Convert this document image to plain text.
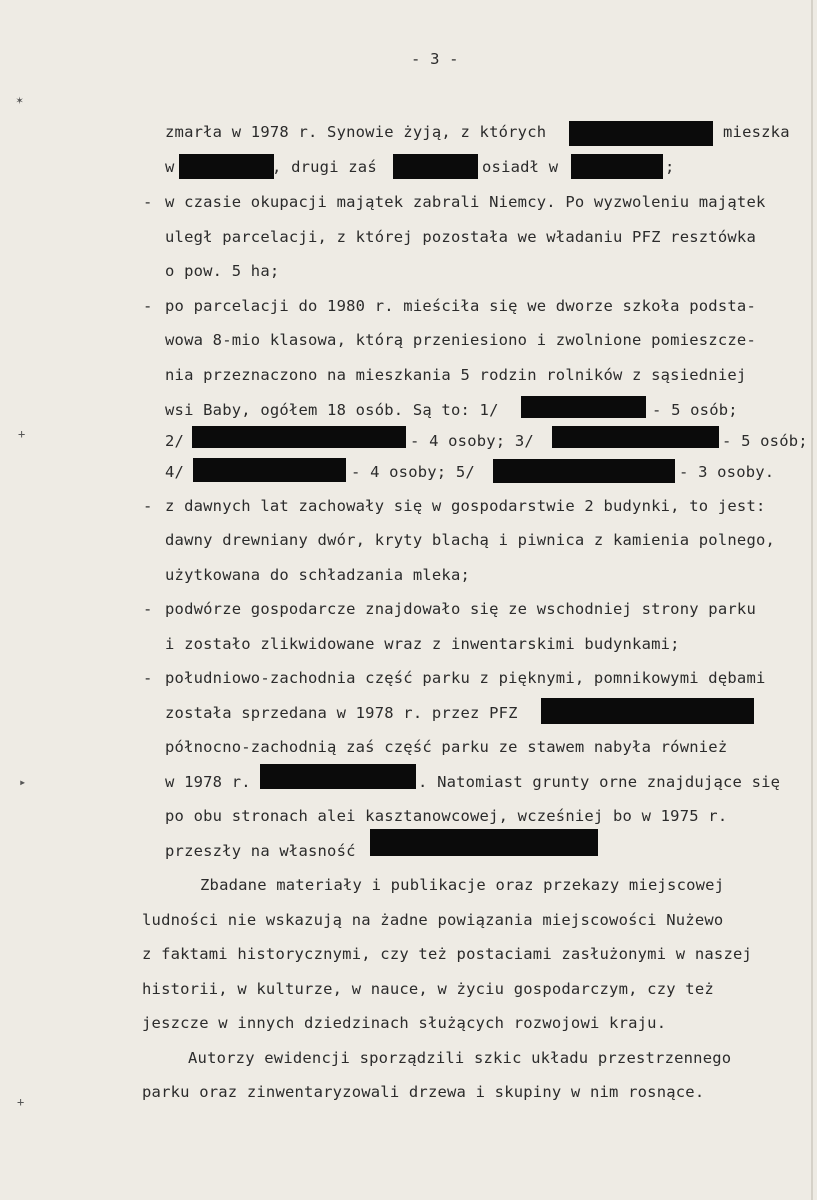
- 3 -
✶
+
▸
+
zmarła w 1978 r. Synowie żyją, z których	mieszka
w	, drugi zaś	osiadł w	;
- w czasie okupacji majątek zabrali Niemcy. Po wyzwoleniu majątek
uległ parcelacji, z której pozostała we władaniu PFZ resztówka
o pow. 5 ha;
- po parcelacji do 1980 r. mieściła się we dworze szkoła podsta-
wowa 8-mio klasowa, którą przeniesiono i zwolnione pomieszcze-
nia przeznaczono na mieszkania 5 rodzin rolników z sąsiedniej
wsi Baby, ogółem 18 osób. Są to: 1/	- 5 osób;
2/	- 4 osoby; 3/	- 5 osób;
4/	- 4 osoby; 5/	- 3 osoby.
- z dawnych lat zachowały się w gospodarstwie 2 budynki, to jest:
dawny drewniany dwór, kryty blachą i piwnica z kamienia polnego,
użytkowana do schładzania mleka;
- podwórze gospodarcze znajdowało się ze wschodniej strony parku
i zostało zlikwidowane wraz z inwentarskimi budynkami;
- południowo-zachodnia część parku z pięknymi, pomnikowymi dębami
została sprzedana w 1978 r. przez PFZ
północno-zachodnią zaś część parku ze stawem nabyła również
w 1978 r.	. Natomiast grunty orne znajdujące się
po obu stronach alei kasztanowcowej, wcześniej bo w 1975 r.
przeszły na własność
Zbadane materiały i publikacje oraz przekazy miejscowej
ludności nie wskazują na żadne powiązania miejscowości Nużewo
z faktami historycznymi, czy też postaciami zasłużonymi w naszej
historii, w kulturze, w nauce, w życiu gospodarczym, czy też
jeszcze w innych dziedzinach służących rozwojowi kraju.
Autorzy ewidencji sporządzili szkic układu przestrzennego
parku oraz zinwentaryzowali drzewa i skupiny w nim rosnące.
